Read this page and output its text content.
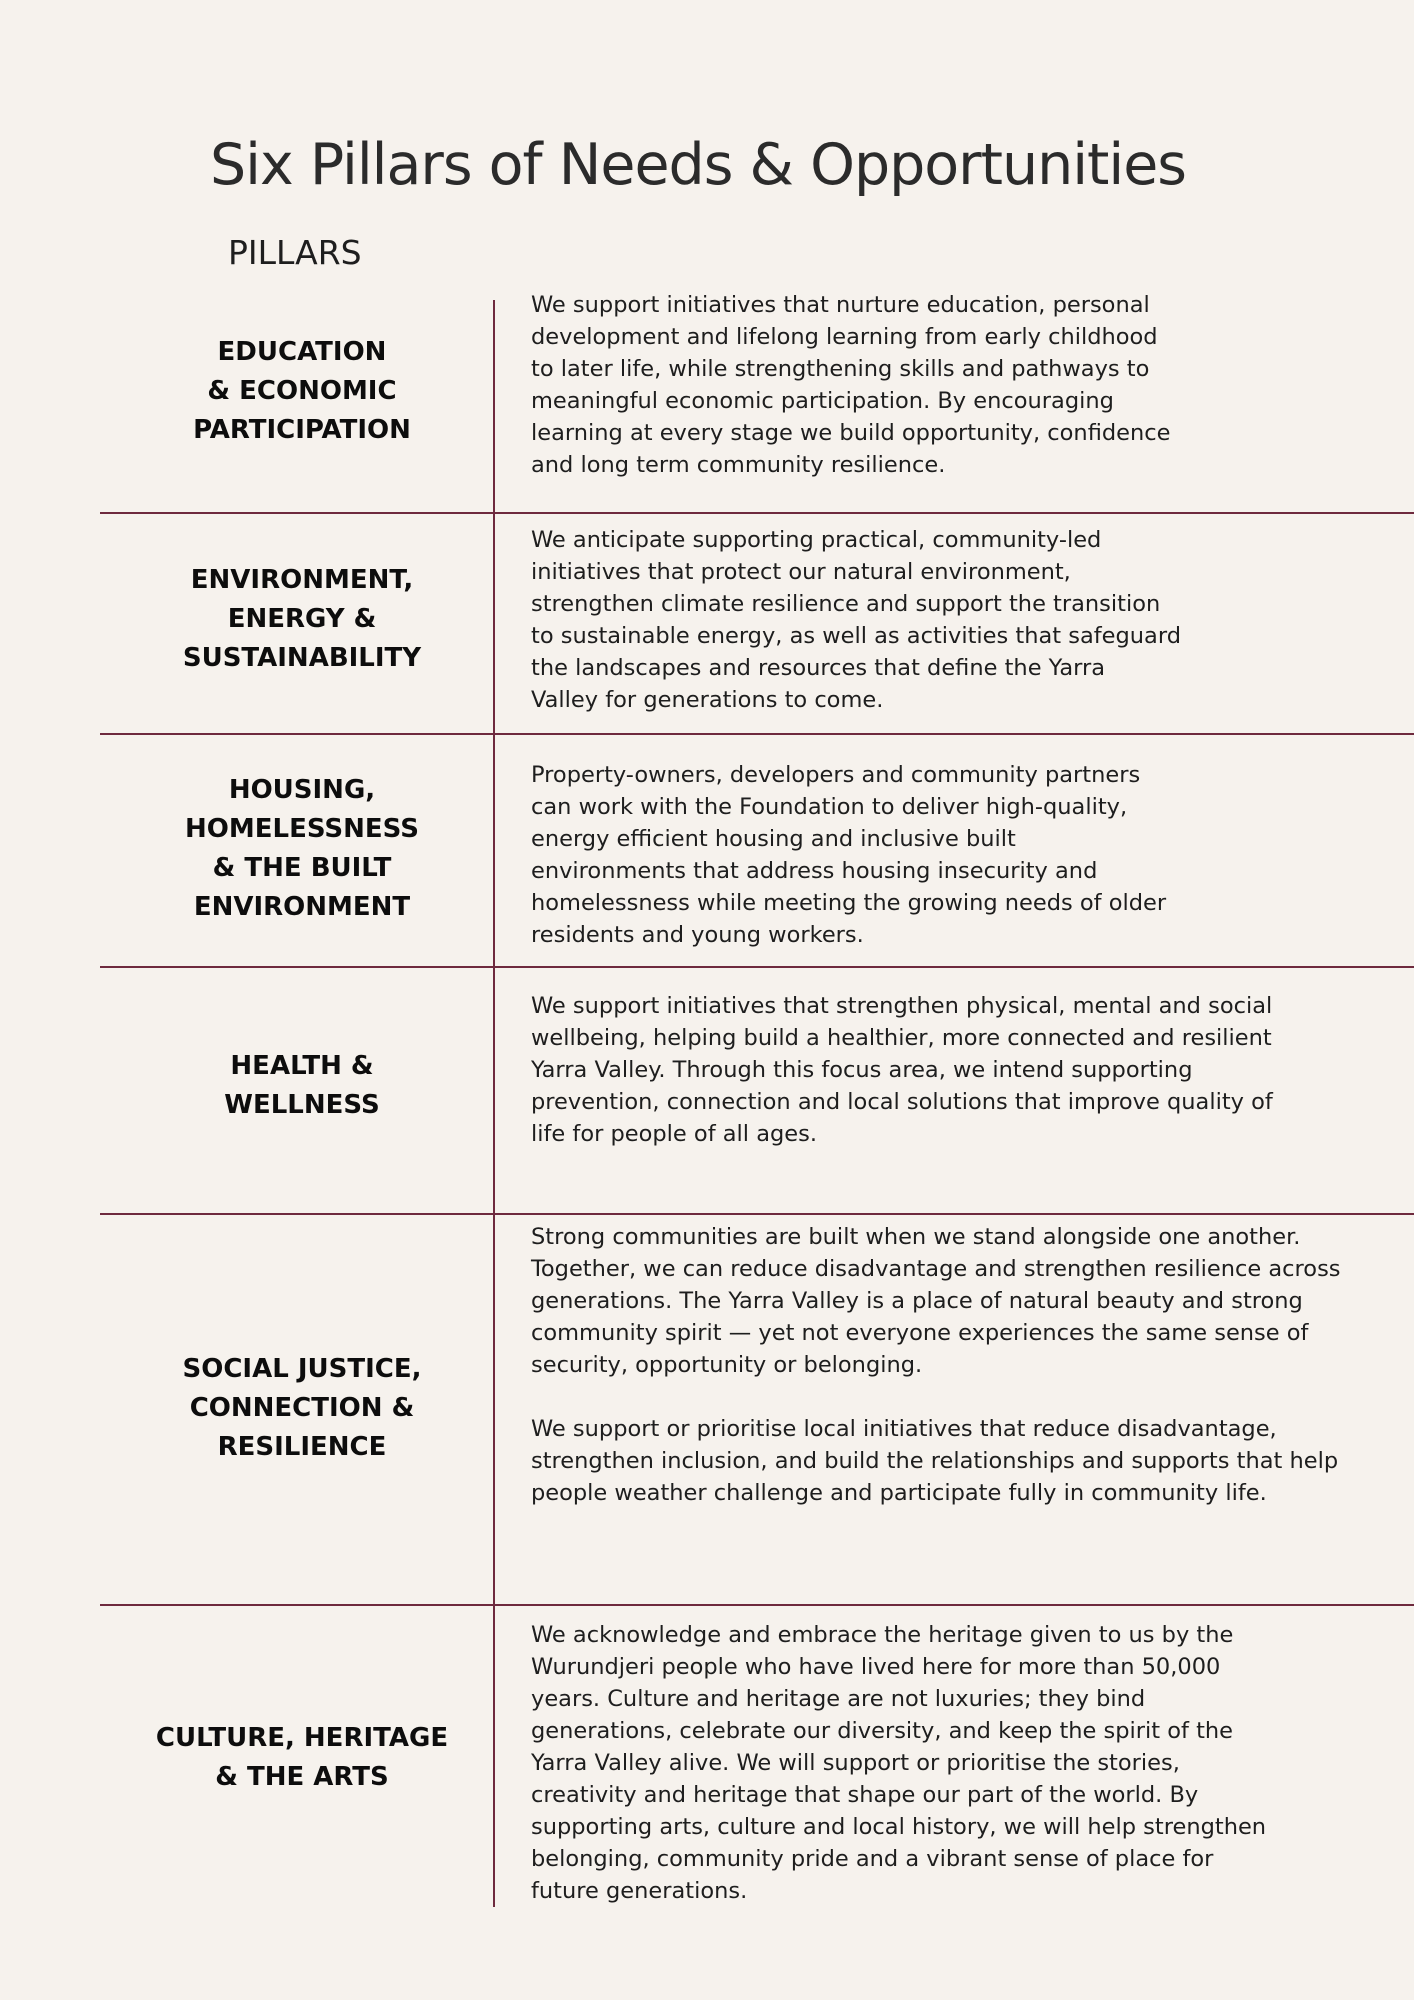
Six Pillars of Needs & Opportunities
PILLARS
EDUCATION
& ECONOMIC
PARTICIPATION
We support initiatives that nurture education, personal
development and lifelong learning from early childhood
to later life, while strengthening skills and pathways to
meaningful economic participation. By encouraging
learning at every stage we build opportunity, confidence
and long term community resilience.
ENVIRONMENT,
ENERGY &
SUSTAINABILITY
We anticipate supporting practical, community-led
initiatives that protect our natural environment,
strengthen climate resilience and support the transition
to sustainable energy, as well as activities that safeguard
the landscapes and resources that define the Yarra
Valley for generations to come.
HOUSING,
HOMELESSNESS
& THE BUILT
ENVIRONMENT
Property-owners, developers and community partners
can work with the Foundation to deliver high-quality,
energy efficient housing and inclusive built
environments that address housing insecurity and
homelessness while meeting the growing needs of older
residents and young workers.
HEALTH &
WELLNESS
We support initiatives that strengthen physical, mental and social
wellbeing, helping build a healthier, more connected and resilient
Yarra Valley. Through this focus area, we intend supporting
prevention, connection and local solutions that improve quality of
life for people of all ages.
SOCIAL JUSTICE,
CONNECTION &
RESILIENCE
Strong communities are built when we stand alongside one another.
Together, we can reduce disadvantage and strengthen resilience across
generations. The Yarra Valley is a place of natural beauty and strong
community spirit — yet not everyone experiences the same sense of
security, opportunity or belonging.

We support or prioritise local initiatives that reduce disadvantage,
strengthen inclusion, and build the relationships and supports that help
people weather challenge and participate fully in community life.
CULTURE, HERITAGE
& THE ARTS
We acknowledge and embrace the heritage given to us by the
Wurundjeri people who have lived here for more than 50,000
years. Culture and heritage are not luxuries; they bind
generations, celebrate our diversity, and keep the spirit of the
Yarra Valley alive. We will support or prioritise the stories,
creativity and heritage that shape our part of the world. By
supporting arts, culture and local history, we will help strengthen
belonging, community pride and a vibrant sense of place for
future generations.
